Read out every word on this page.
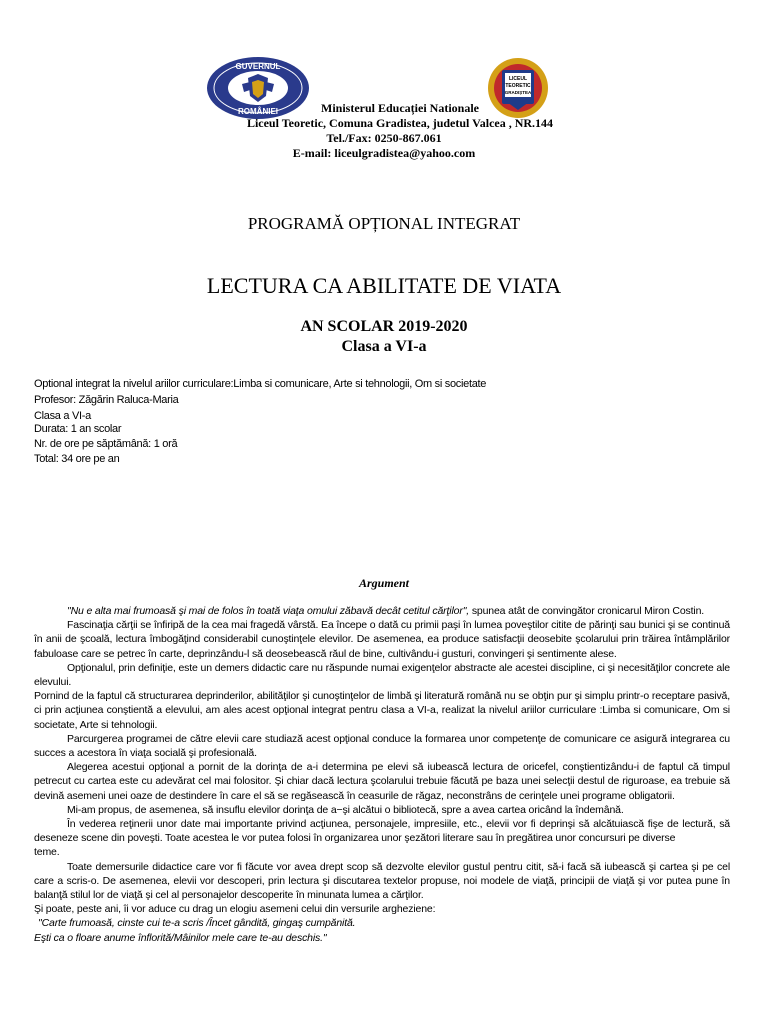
GUVERNUL
ROMÂNIEI
LICEUL
TEORETIC
GRADIȘTEA
Ministerul Educației Nationale
Liceul Teoretic, Comuna Gradistea, judetul Valcea , NR.144
Tel./Fax: 0250-867.061
E-mail: liceulgradistea@yahoo.com
PROGRAMĂ OPȚIONAL INTEGRAT
LECTURA CA ABILITATE DE VIATA
AN SCOLAR 2019-2020
Clasa a VI-a
Optional integrat la nivelul ariilor curriculare:Limba si comunicare, Arte si tehnologii, Om si societate
Profesor: Zăgărin Raluca-Maria
Clasa a VI-a
Durata: 1 an scolar
Nr. de ore pe săptămână: 1 oră
Total: 34 ore pe an
Argument

"Nu e alta mai frumoasă şi mai de folos în toată viaţa omului zăbavă decât cetitul cărţilor", spunea atât de convingător cronicarul Miron Costin.

Fascinaţia cărţii se înfiripă de la cea mai fragedă vârstă. Ea începe o dată cu primii paşi în lumea poveştilor citite de părinţi sau bunici şi se continuă în anii de şcoală, lectura îmbogăţind considerabil cunoştinţele elevilor. De asemenea, ea produce satisfacţii deosebite şcolarului prin trăirea întâmplărilor fabuloase care se petrec în carte, deprinzându-l să deosebească răul de bine, cultivându-i gusturi, convingeri şi sentimente alese.

Opţionalul, prin definiţie, este un demers didactic care nu răspunde numai exigenţelor abstracte ale acestei discipline, ci şi necesităţilor concrete ale elevului.

Pornind de la faptul că structurarea deprinderilor, abilităţilor şi cunoştinţelor de limbă şi literatură română nu se obţin pur şi simplu printr-o receptare pasivă, ci prin acţiunea conştientă a elevului, am ales acest opţional integrat pentru clasa a VI-a, realizat la nivelul ariilor curriculare :Limba si comunicare, Om si societate, Arte si tehnologii.

Parcurgerea programei de către elevii care studiază acest opţional conduce la formarea unor competenţe de comunicare ce asigură integrarea cu succes a acestora în viaţa socială şi profesională.

Alegerea acestui opţional a pornit de la dorinţa de a-i determina pe elevi să iubească lectura de oricefel, conştientizându-i de faptul că timpul petrecut cu cartea este cu adevărat cel mai folositor. Şi chiar dacă lectura şcolarului trebuie făcută pe baza unei selecţii destul de riguroase, ea trebuie să devină asemeni unei oaze de destindere în care el să se regăsească în ceasurile de răgaz, neconstrâns de cerinţele unei programe obligatorii.

Mi-am propus, de asemenea, să insuflu elevilor dorinţa de a−şi alcătui o bibliotecă, spre a avea cartea oricând la îndemână.

În vederea reţinerii unor date mai importante privind acţiunea, personajele, impresiile, etc., elevii vor fi deprinşi să alcătuiască fişe de lectură, să deseneze scene din poveşti. Toate acestea le vor putea folosi în organizarea unor şezători literare sau în pregătirea unor concursuri pe diverse

teme.

Toate demersurile didactice care vor fi făcute vor avea drept scop să dezvolte elevilor gustul pentru citit, să-i facă să iubească şi cartea şi pe cel care a scris-o. De asemenea, elevii vor descoperi, prin lectura şi discutarea textelor propuse, noi modele de viaţă, principii de viaţă şi vor putea pune în balanţă stilul lor de viaţă şi cel al personajelor descoperite în minunata lumea a cărţilor.

Şi poate, peste ani, îi vor aduce cu drag un elogiu asemeni celui din versurile argheziene:

"Carte frumoasă, cinste cui te-a scris /Încet gândită, gingaş cumpănită.

Eşti ca o floare anume înflorită/Mâinilor mele care te-au deschis."
